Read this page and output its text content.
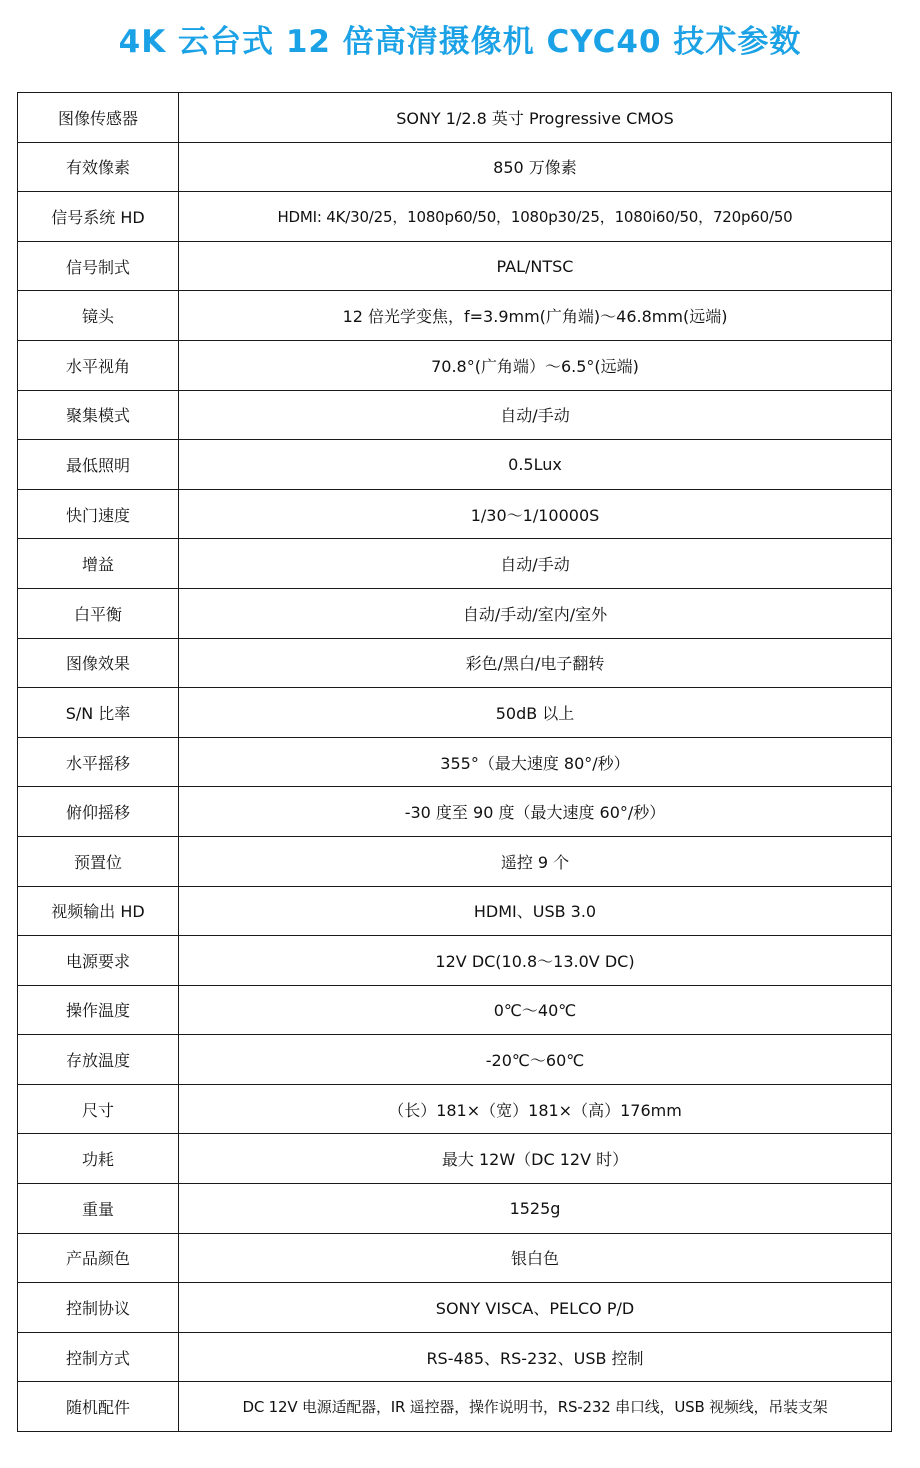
4K 云台式 12 倍高清摄像机 CYC40 技术参数
图像传感器	SONY 1/2.8 英寸 Progressive CMOS
有效像素	850 万像素
信号系统 HD	HDMI: 4K/30/25，1080p60/50，1080p30/25，1080i60/50，720p60/50
信号制式	PAL/NTSC
镜头	12 倍光学变焦，f=3.9mm(广角端)～46.8mm(远端)
水平视角	70.8°(广角端）～6.5°(远端)
聚集模式	自动/手动
最低照明	0.5Lux
快门速度	1/30～1/10000S
增益	自动/手动
白平衡	自动/手动/室内/室外
图像效果	彩色/黑白/电子翻转
S/N 比率	50dB 以上
水平摇移	355°（最大速度 80°/秒）
俯仰摇移	-30 度至 90 度（最大速度 60°/秒）
预置位	遥控 9 个
视频输出 HD	HDMI、USB 3.0
电源要求	12V DC(10.8～13.0V DC)
操作温度	0℃～40℃
存放温度	-20℃～60℃
尺寸	（长）181×（宽）181×（高）176mm
功耗	最大 12W（DC 12V 时）
重量	1525g
产品颜色	银白色
控制协议	SONY VISCA、PELCO P/D
控制方式	RS-485、RS-232、USB 控制
随机配件	DC 12V 电源适配器，IR 遥控器，操作说明书，RS-232 串口线，USB 视频线，吊装支架
